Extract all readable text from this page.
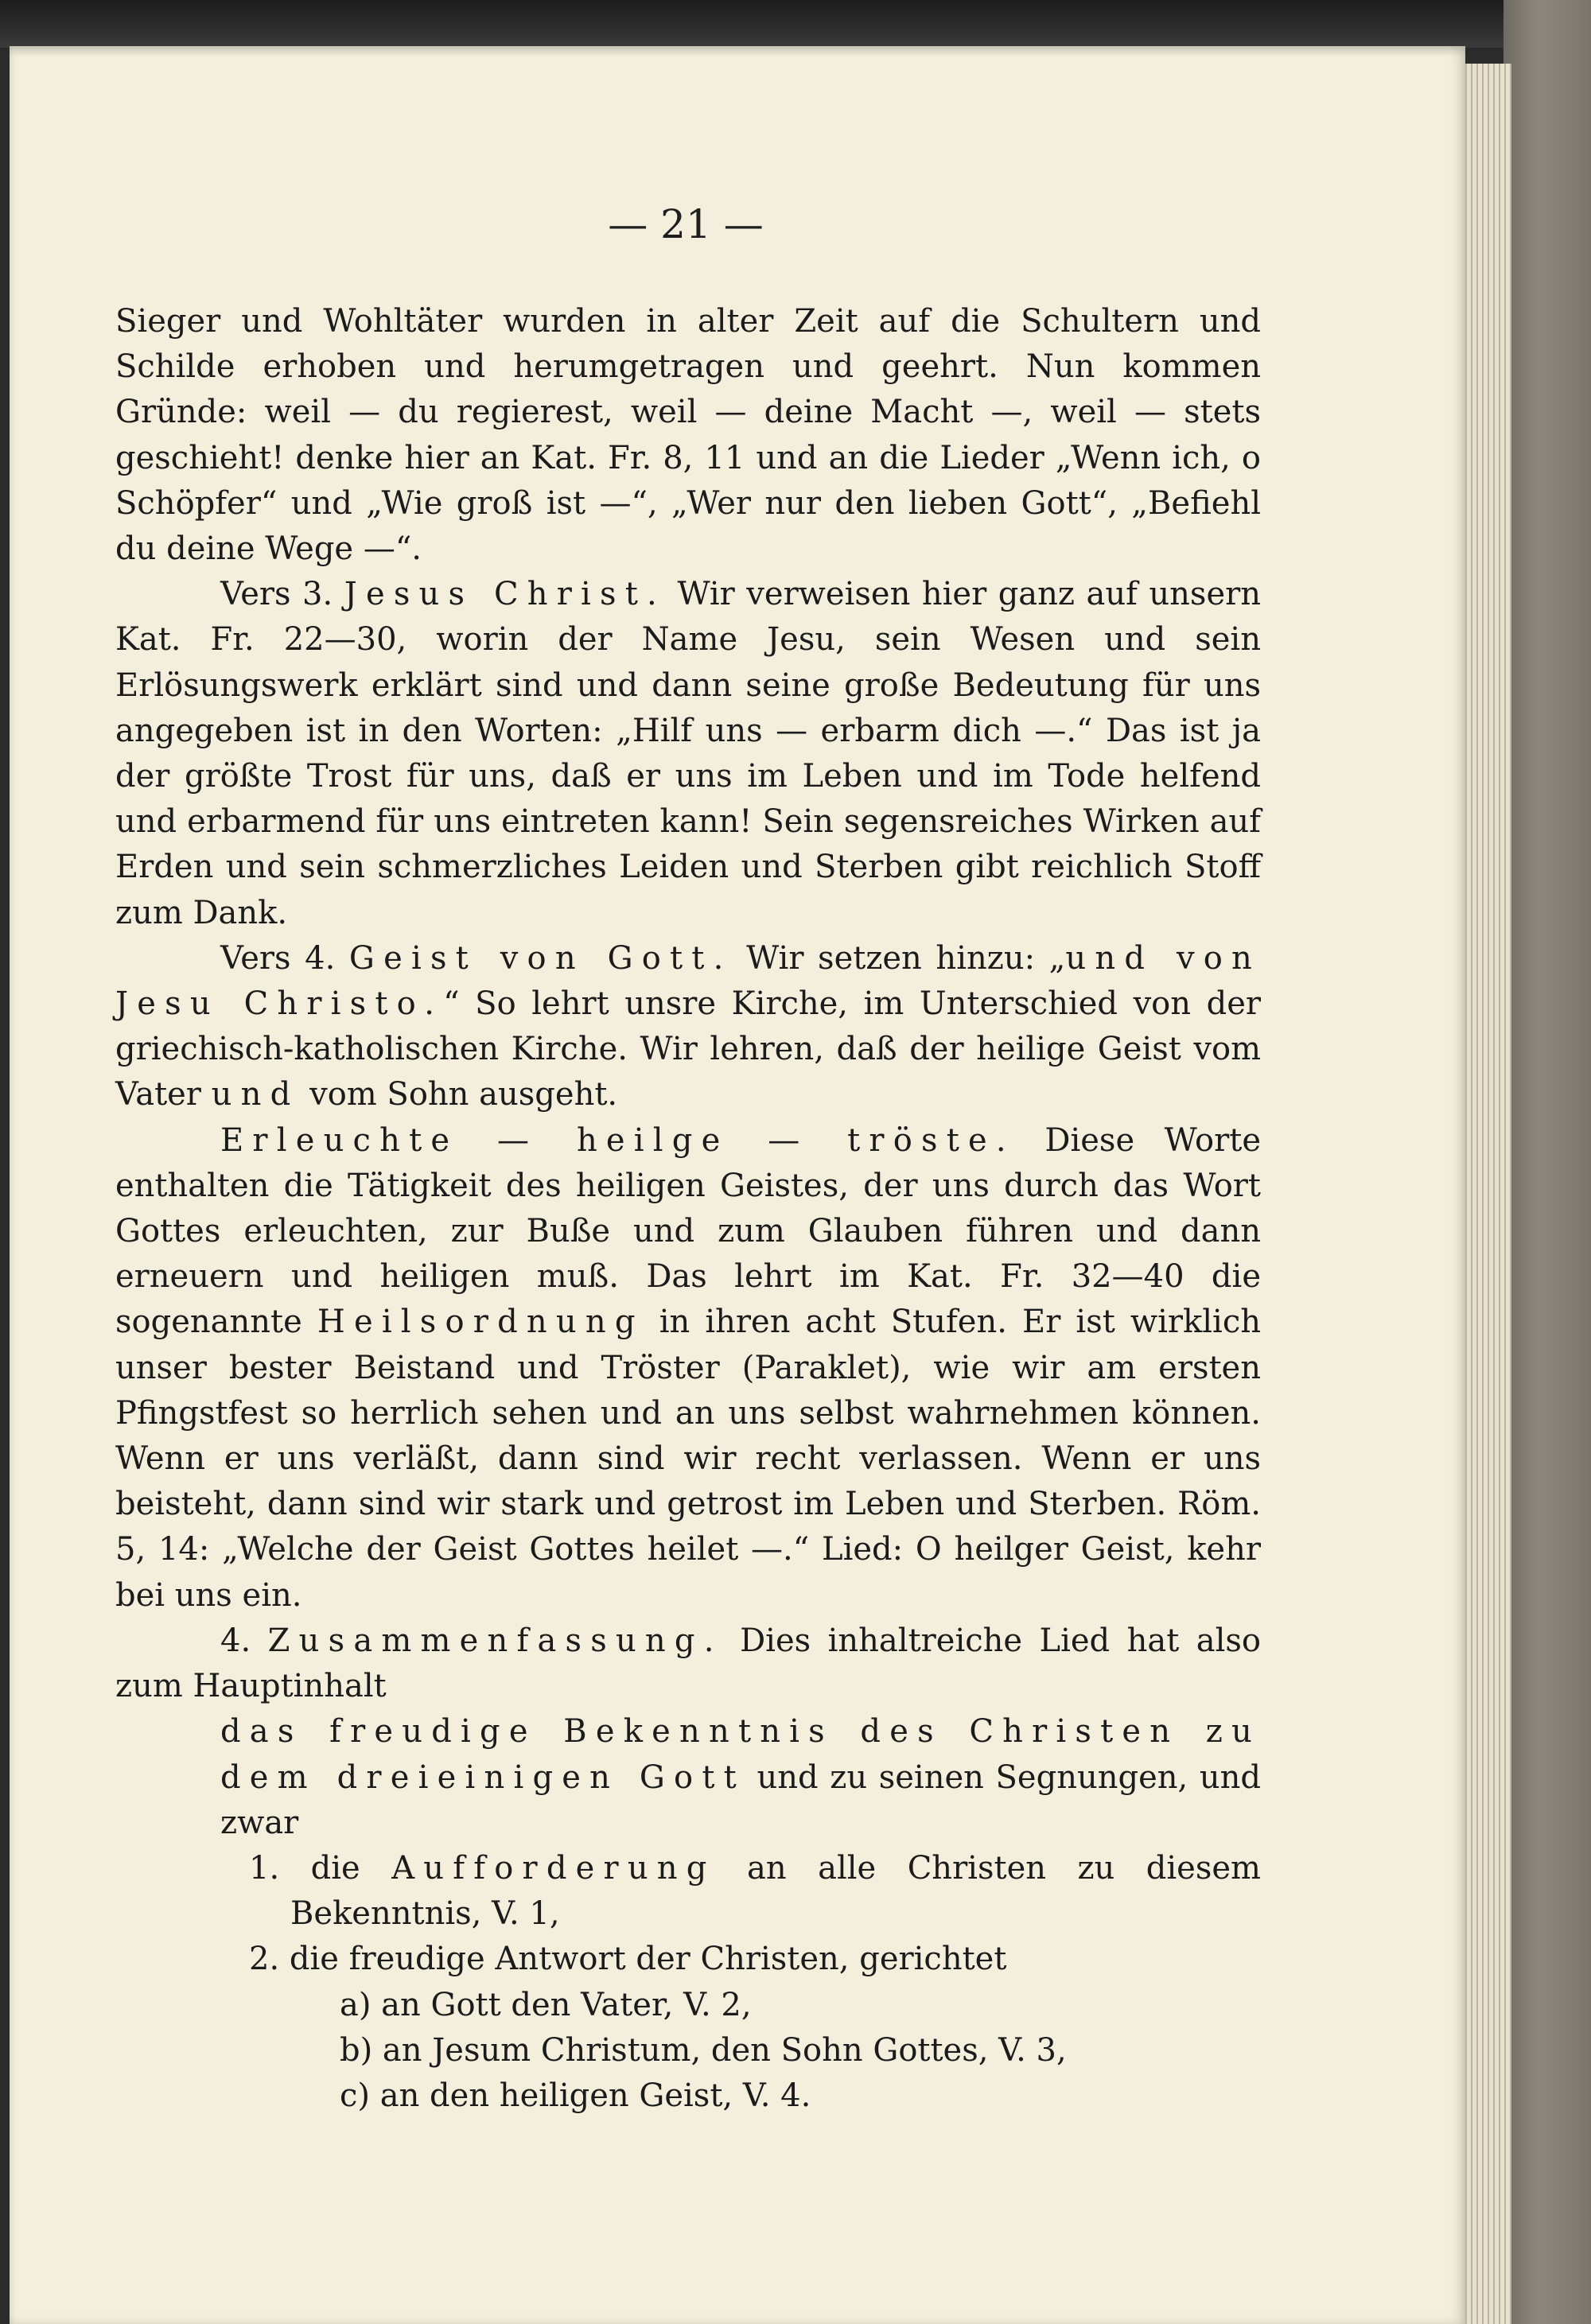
— 21 —

Sieger und Wohltäter wurden in alter Zeit auf die Schultern und Schilde erhoben und herumgetragen und geehrt. Nun kommen Gründe: weil — du regierest, weil — deine Macht —, weil — stets geschieht! denke hier an Kat. Fr. 8, 11 und an die Lieder „Wenn ich, o Schöpfer“ und „Wie groß ist —“, „Wer nur den lieben Gott“, „Befiehl du deine Wege —“.

Vers 3. Jesus Christ. Wir verweisen hier ganz auf unsern Kat. Fr. 22—30, worin der Name Jesu, sein Wesen und sein Erlösungswerk erklärt sind und dann seine große Bedeutung für uns angegeben ist in den Worten: „Hilf uns — erbarm dich —.“ Das ist ja der größte Trost für uns, daß er uns im Leben und im Tode helfend und erbarmend für uns eintreten kann! Sein segensreiches Wirken auf Erden und sein schmerzliches Leiden und Sterben gibt reichlich Stoff zum Dank.

Vers 4. Geist von Gott. Wir setzen hinzu: „und von Jesu Christo.“ So lehrt unsre Kirche, im Unterschied von der griechisch-katholischen Kirche. Wir lehren, daß der heilige Geist vom Vater und vom Sohn ausgeht.

Erleuchte — heilge — tröste. Diese Worte enthalten die Tätigkeit des heiligen Geistes, der uns durch das Wort Gottes erleuchten, zur Buße und zum Glauben führen und dann erneuern und heiligen muß. Das lehrt im Kat. Fr. 32—40 die sogenannte Heilsordnung in ihren acht Stufen. Er ist wirklich unser bester Beistand und Tröster (Paraklet), wie wir am ersten Pfingstfest so herrlich sehen und an uns selbst wahrnehmen können. Wenn er uns verläßt, dann sind wir recht verlassen. Wenn er uns beisteht, dann sind wir stark und getrost im Leben und Sterben. Röm. 5, 14: „Welche der Geist Gottes heilet —.“ Lied: O heilger Geist, kehr bei uns ein.

4. Zusammenfassung. Dies inhaltreiche Lied hat also zum Hauptinhalt

das freudige Bekenntnis des Christen zu dem dreieinigen Gott und zu seinen Segnungen, und zwar

1. die Aufforderung an alle Christen zu diesem Bekenntnis, V. 1,

2. die freudige Antwort der Christen, gerichtet

a) an Gott den Vater, V. 2,

b) an Jesum Christum, den Sohn Gottes, V. 3,

c) an den heiligen Geist, V. 4.
